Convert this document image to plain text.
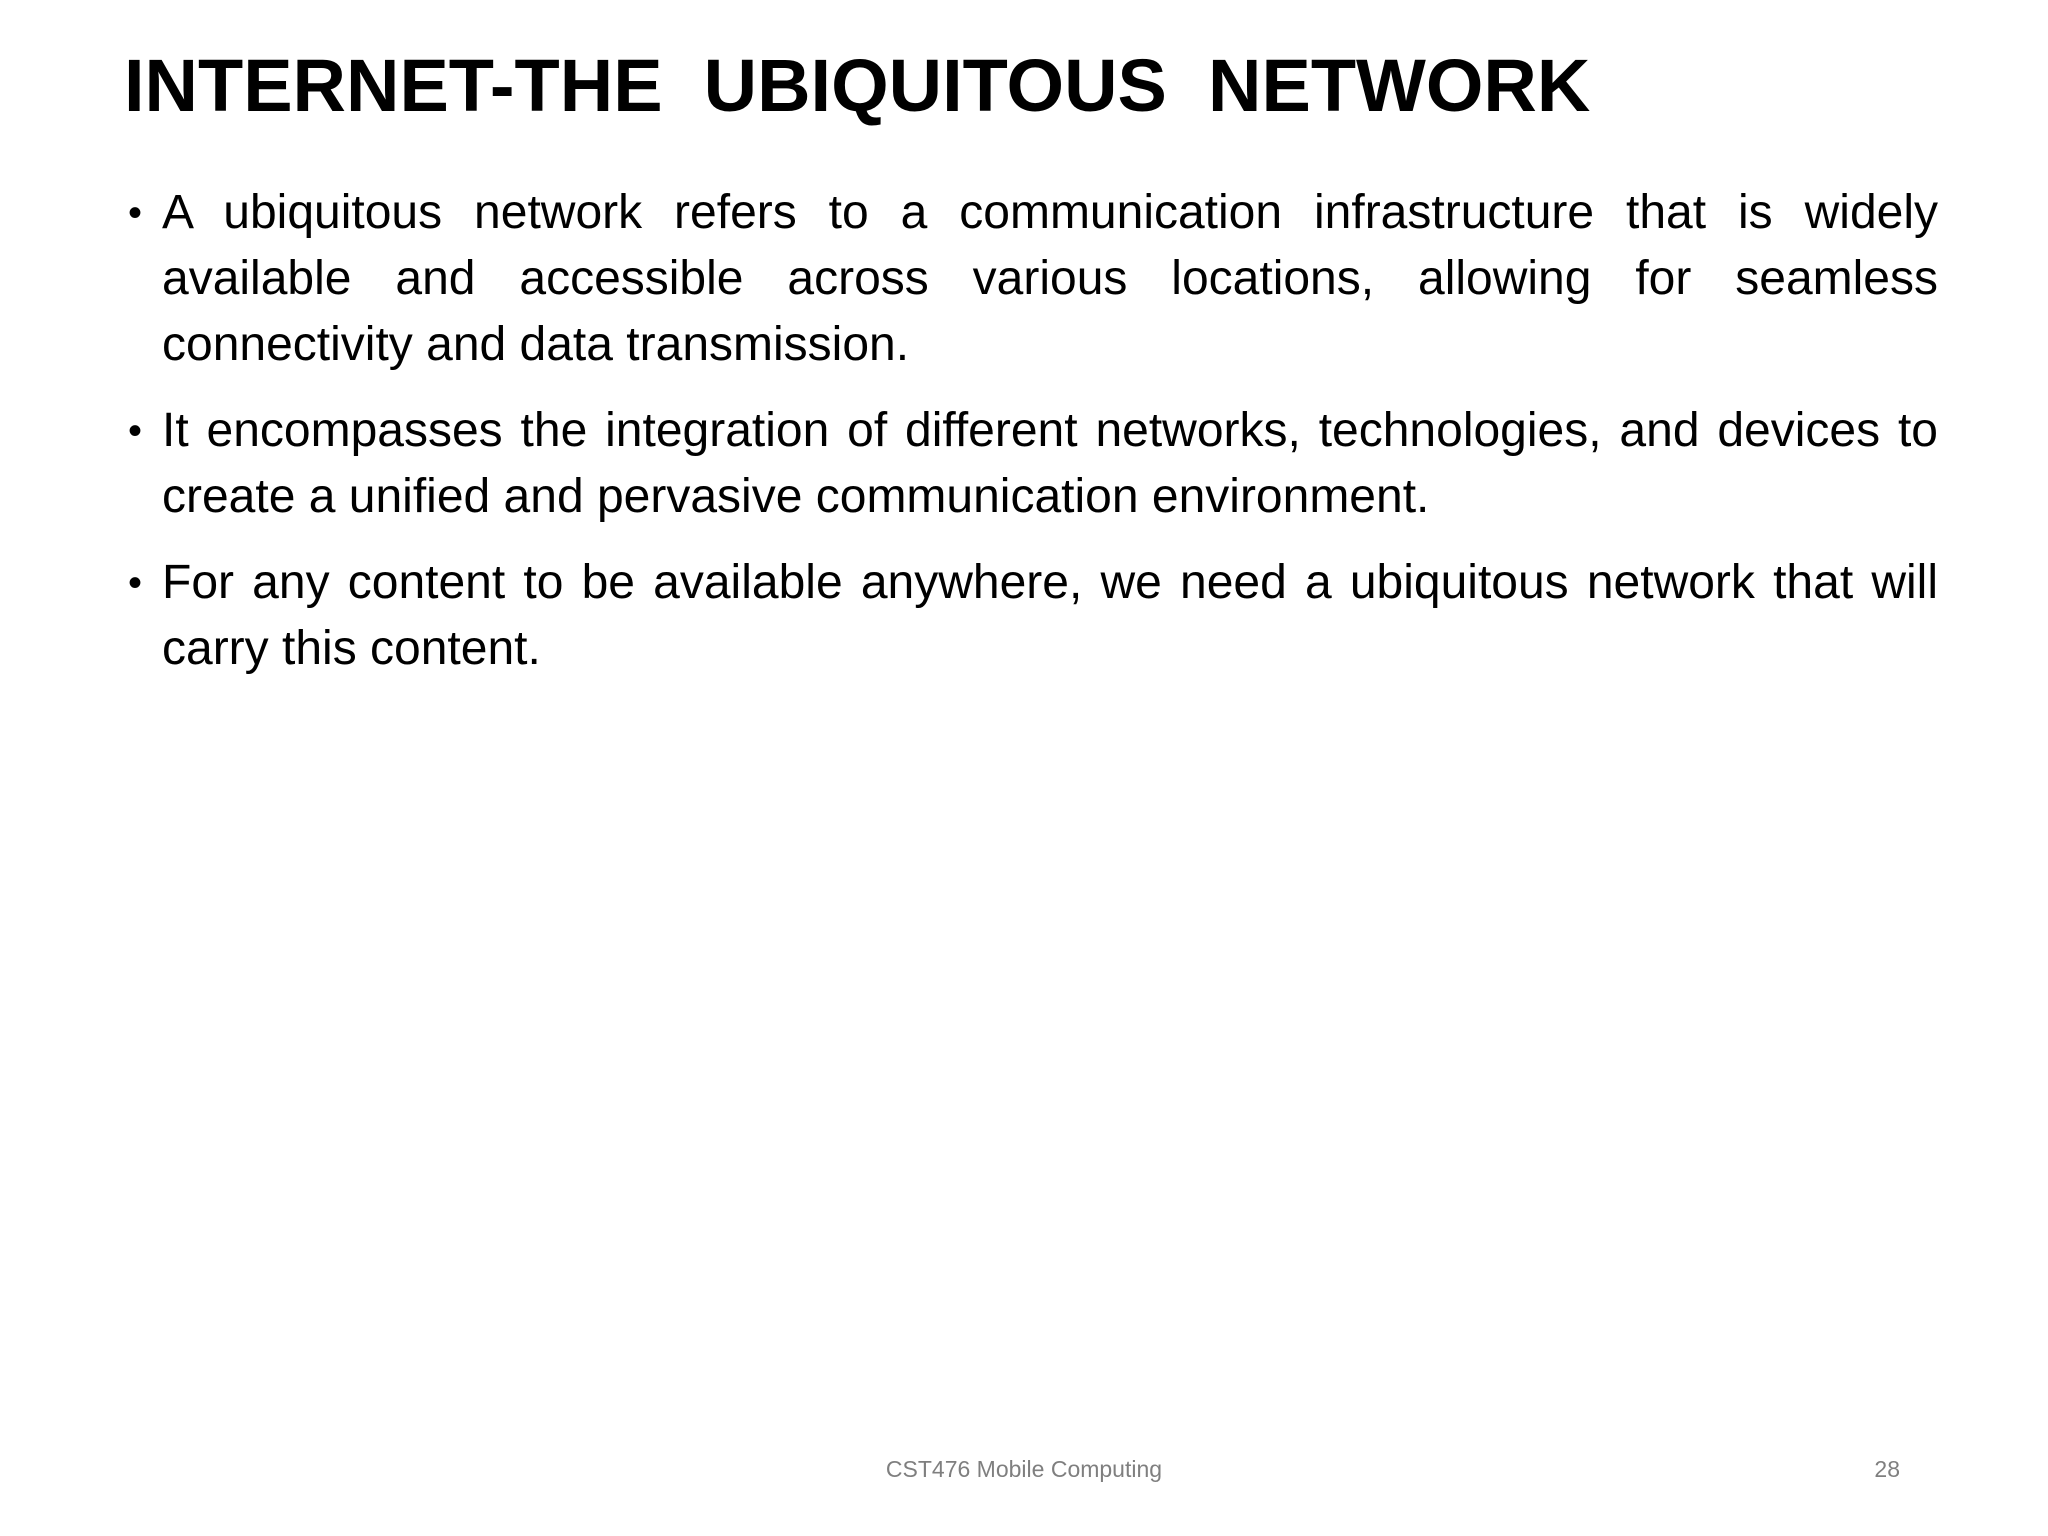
INTERNET-THE  UBIQUITOUS  NETWORK
• A ubiquitous network refers to a communication infrastructure that is widely available and accessible across various locations, allowing for seamless connectivity and data transmission.
• It encompasses the integration of different networks, technologies, and devices to create a unified and pervasive communication environment.
• For any content to be available anywhere, we need a ubiquitous network that will carry this content.
CST476 Mobile Computing	28
